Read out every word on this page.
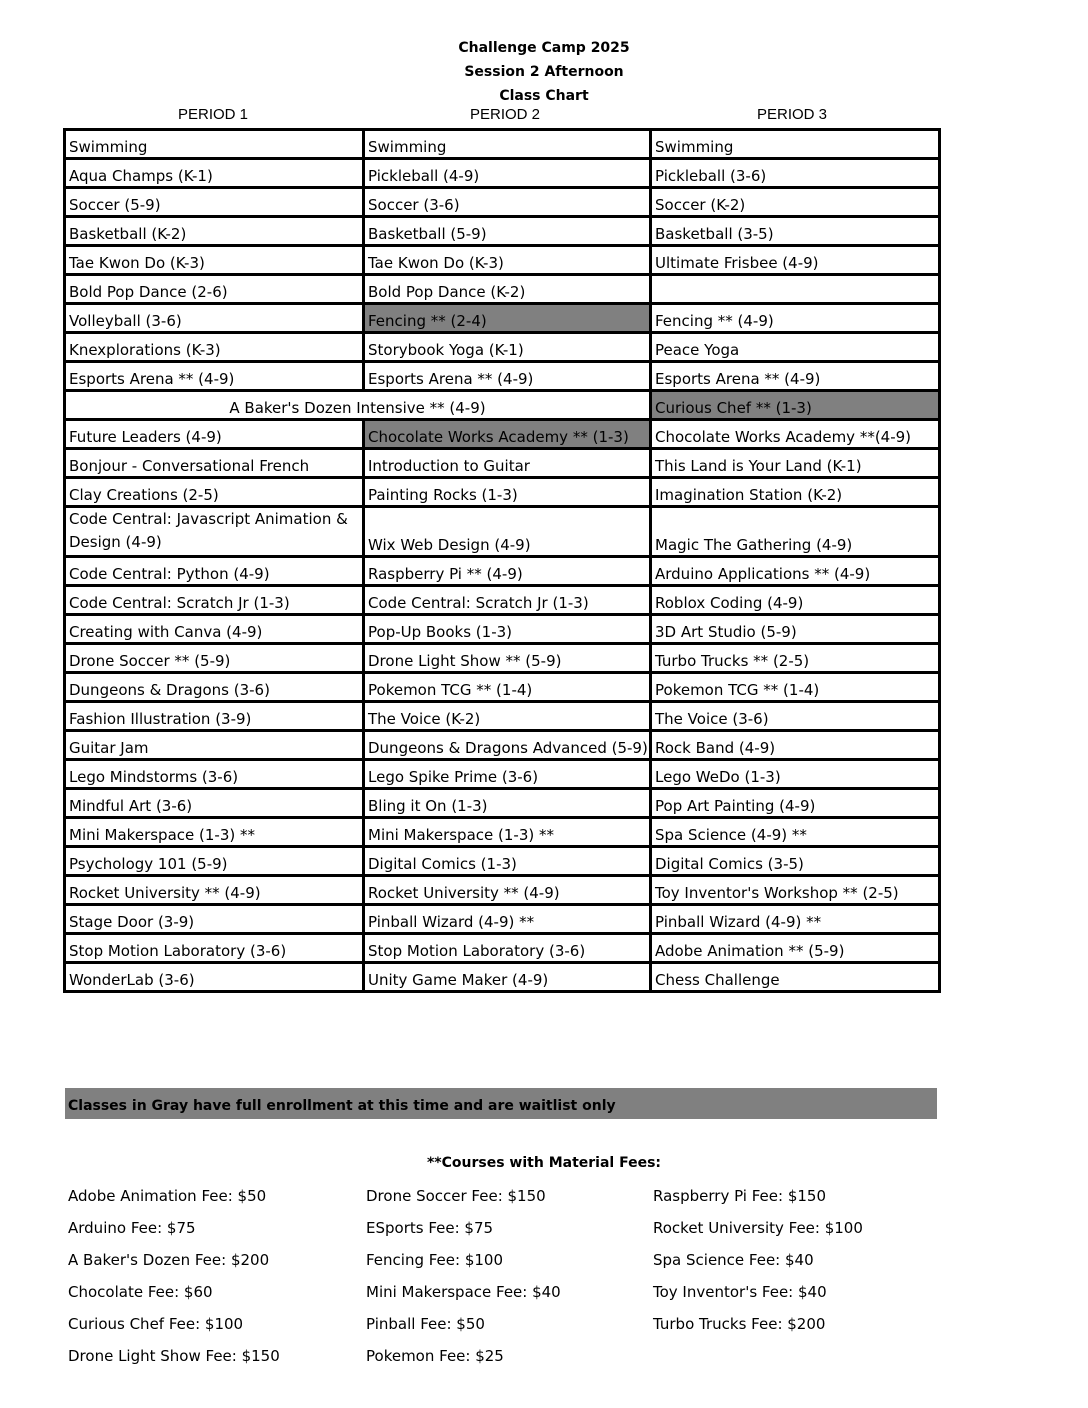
Challenge Camp 2025
Session 2 Afternoon
Class Chart
PERIOD 1	PERIOD 2	PERIOD 3
Swimming	Swimming	Swimming
Aqua Champs (K-1)	Pickleball (4-9)	Pickleball (3-6)
Soccer (5-9)	Soccer (3-6)	Soccer (K-2)
Basketball (K-2)	Basketball (5-9)	Basketball (3-5)
Tae Kwon Do (K-3)	Tae Kwon Do (K-3)	Ultimate Frisbee (4-9)
Bold Pop Dance (2-6)	Bold Pop Dance (K-2)	
Volleyball (3-6)	Fencing ** (2-4)	Fencing ** (4-9)
Knexplorations (K-3)	Storybook Yoga (K-1)	Peace Yoga
Esports Arena ** (4-9)	Esports Arena ** (4-9)	Esports Arena ** (4-9)
A Baker's Dozen Intensive ** (4-9)		Curious Chef ** (1-3)
Future Leaders (4-9)	Chocolate Works Academy ** (1-3)	Chocolate Works Academy **(4-9)
Bonjour - Conversational French	Introduction to Guitar	This Land is Your Land (K-1)
Clay Creations (2-5)	Painting Rocks (1-3)	Imagination Station (K-2)
Code Central: Javascript Animation & Design (4-9)	Wix Web Design (4-9)	Magic The Gathering (4-9)
Code Central: Python (4-9)	Raspberry Pi ** (4-9)	Arduino Applications ** (4-9)
Code Central: Scratch Jr (1-3)	Code Central: Scratch Jr (1-3)	Roblox Coding (4-9)
Creating with Canva (4-9)	Pop-Up Books (1-3)	3D Art Studio (5-9)
Drone Soccer ** (5-9)	Drone Light Show ** (5-9)	Turbo Trucks ** (2-5)
Dungeons & Dragons (3-6)	Pokemon TCG ** (1-4)	Pokemon TCG ** (1-4)
Fashion Illustration (3-9)	The Voice (K-2)	The Voice (3-6)
Guitar Jam	Dungeons & Dragons Advanced (5-9)	Rock Band (4-9)
Lego Mindstorms (3-6)	Lego Spike Prime (3-6)	Lego WeDo (1-3)
Mindful Art (3-6)	Bling it On (1-3)	Pop Art Painting (4-9)
Mini Makerspace (1-3) **	Mini Makerspace (1-3) **	Spa Science (4-9) **
Psychology 101 (5-9)	Digital Comics (1-3)	Digital Comics (3-5)
Rocket University ** (4-9)	Rocket University ** (4-9)	Toy Inventor's Workshop ** (2-5)
Stage Door (3-9)	Pinball Wizard (4-9) **	Pinball Wizard (4-9) **
Stop Motion Laboratory (3-6)	Stop Motion Laboratory (3-6)	Adobe Animation ** (5-9)
WonderLab (3-6)	Unity Game Maker (4-9)	Chess Challenge
Classes in Gray have full enrollment at this time and are waitlist only
**Courses with Material Fees:
Adobe Animation Fee: $50
Arduino Fee: $75
A Baker's Dozen Fee: $200
Chocolate Fee: $60
Curious Chef Fee: $100
Drone Light Show Fee: $150
Drone Soccer Fee: $150
ESports Fee: $75
Fencing Fee: $100
Mini Makerspace Fee: $40
Pinball Fee: $50
Pokemon Fee: $25
Raspberry Pi Fee: $150
Rocket University Fee: $100
Spa Science Fee: $40
Toy Inventor's Fee: $40
Turbo Trucks Fee: $200
